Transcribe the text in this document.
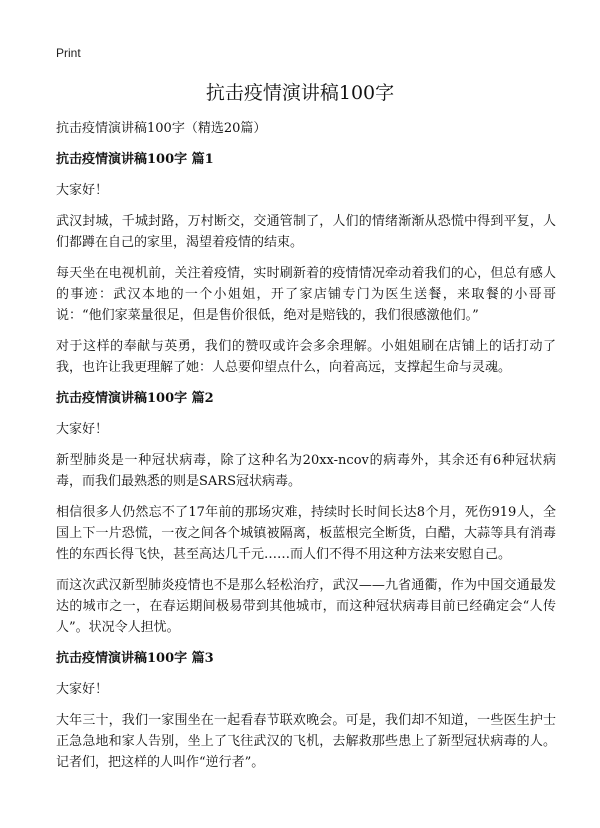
Print
抗击疫情演讲稿100字

抗击疫情演讲稿100字（精选20篇）

抗击疫情演讲稿100字 篇1

大家好！

武汉封城，千城封路，万村断交，交通管制了，人们的情绪渐渐从恐慌中得到平复，人们都蹲在自己的家里，渴望着疫情的结束。

每天坐在电视机前，关注着疫情，实时刷新着的疫情情况牵动着我们的心，但总有感人的事迹：武汉本地的一个小姐姐，开了家店铺专门为医生送餐，来取餐的小哥哥说：“他们家菜量很足，但是售价很低，绝对是赔钱的，我们很感激他们。”

对于这样的奉献与英勇，我们的赞叹或许会多余理解。小姐姐刷在店铺上的话打动了我，也许让我更理解了她：人总要仰望点什么，向着高远，支撑起生命与灵魂。

抗击疫情演讲稿100字 篇2

大家好！

新型肺炎是一种冠状病毒，除了这种名为20xx-ncov的病毒外，其余还有6种冠状病毒，而我们最熟悉的则是SARS冠状病毒。

相信很多人仍然忘不了17年前的那场灾难，持续时长时间长达8个月，死伤919人，全国上下一片恐慌，一夜之间各个城镇被隔离，板蓝根完全断货，白醋，大蒜等具有消毒性的东西长得飞快，甚至高达几千元……而人们不得不用这种方法来安慰自己。

而这次武汉新型肺炎疫情也不是那么轻松治疗，武汉——九省通衢，作为中国交通最发达的城市之一，在春运期间极易带到其他城市，而这种冠状病毒目前已经确定会“人传人”。状况令人担忧。

抗击疫情演讲稿100字 篇3

大家好！

大年三十，我们一家围坐在一起看春节联欢晚会。可是，我们却不知道，一些医生护士正急急地和家人告别，坐上了飞往武汉的飞机，去解救那些患上了新型冠状病毒的人。记者们，把这样的人叫作“逆行者”。
